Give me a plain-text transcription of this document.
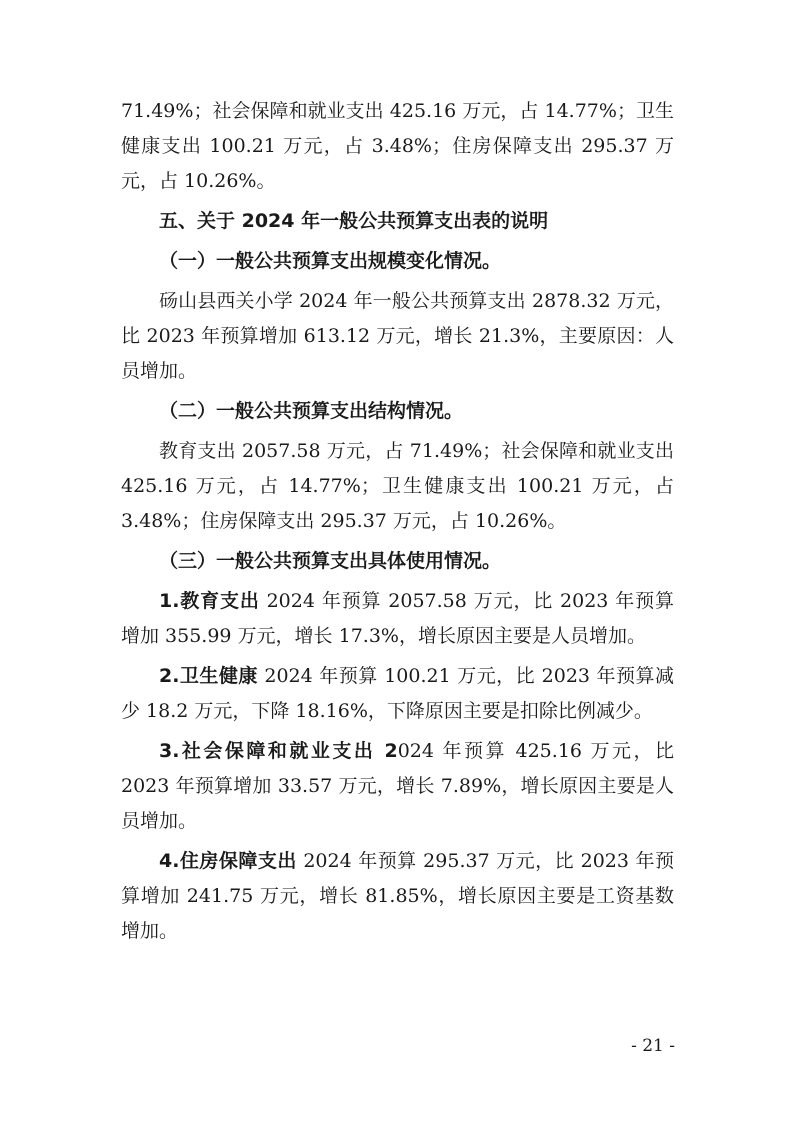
71.49%；社会保障和就业支出 425.16 万元，占 14.77%；卫生健康支出 100.21 万元，占 3.48%；住房保障支出 295.37 万元，占 10.26%。

五、关于 2024 年一般公共预算支出表的说明

（一）一般公共预算支出规模变化情况。

砀山县西关小学 2024 年一般公共预算支出 2878.32 万元，比 2023 年预算增加 613.12 万元，增长 21.3%，主要原因：人员增加。

（二）一般公共预算支出结构情况。

教育支出 2057.58 万元，占 71.49%；社会保障和就业支出 425.16 万元，占 14.77%；卫生健康支出 100.21 万元，占 3.48%；住房保障支出 295.37 万元，占 10.26%。

（三）一般公共预算支出具体使用情况。

1.教育支出 2024 年预算 2057.58 万元，比 2023 年预算增加 355.99 万元，增长 17.3%，增长原因主要是人员增加。

2.卫生健康 2024 年预算 100.21 万元，比 2023 年预算减少 18.2 万元，下降 18.16%，下降原因主要是扣除比例减少。

3.社会保障和就业支出 2024 年预算 425.16 万元，比 2023 年预算增加 33.57 万元，增长 7.89%，增长原因主要是人员增加。

4.住房保障支出 2024 年预算 295.37 万元，比 2023 年预算增加 241.75 万元，增长 81.85%，增长原因主要是工资基数增加。

- 21 -
